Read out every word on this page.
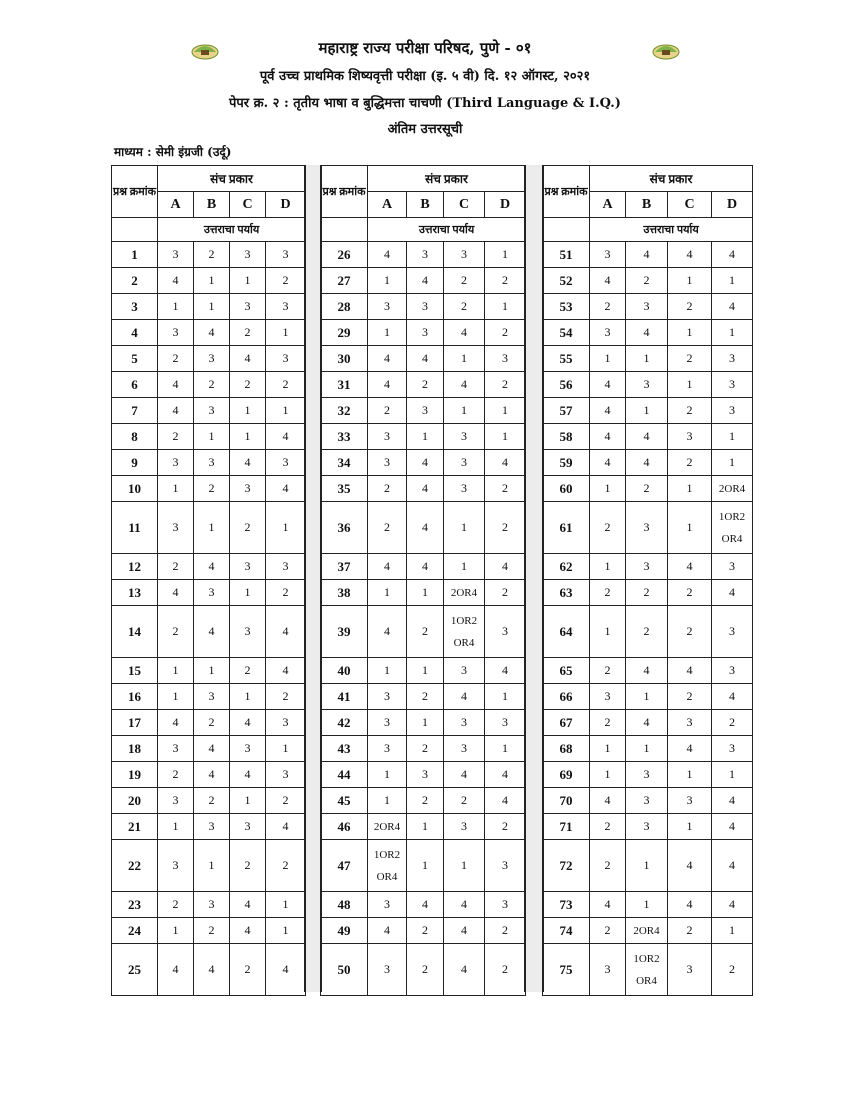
महाराष्ट्र राज्य परीक्षा परिषद, पुणे - ०१
पूर्व उच्च प्राथमिक शिष्यवृत्ती परीक्षा (इ. ५ वी) दि. १२ ऑगस्ट, २०२१
पेपर क्र. २ : तृतीय भाषा व बुद्धिमत्ता चाचणी (Third Language & I.Q.)
अंतिम उत्तरसूची
माध्यम : सेमी इंग्रजी (उर्दू)
प्रश्न क्रमांक	संच प्रकार			
	A	B	C	D
	उत्तराचा पर्याय			
1	3	2	3	3
2	4	1	1	2
3	1	1	3	3
4	3	4	2	1
5	2	3	4	3
6	4	2	2	2
7	4	3	1	1
8	2	1	1	4
9	3	3	4	3
10	1	2	3	4
11	3	1	2	1
12	2	4	3	3
13	4	3	1	2
14	2	4	3	4
15	1	1	2	4
16	1	3	1	2
17	4	2	4	3
18	3	4	3	1
19	2	4	4	3
20	3	2	1	2
21	1	3	3	4
22	3	1	2	2
23	2	3	4	1
24	1	2	4	1
25	4	4	2	4
प्रश्न क्रमांक	संच प्रकार			
	A	B	C	D
	उत्तराचा पर्याय			
26	4	3	3	1
27	1	4	2	2
28	3	3	2	1
29	1	3	4	2
30	4	4	1	3
31	4	2	4	2
32	2	3	1	1
33	3	1	3	1
34	3	4	3	4
35	2	4	3	2
36	2	4	1	2
37	4	4	1	4
38	1	1	2OR4	2
39	4	2	1OR2 OR4	3
40	1	1	3	4
41	3	2	4	1
42	3	1	3	3
43	3	2	3	1
44	1	3	4	4
45	1	2	2	4
46	2OR4	1	3	2
47	1OR2 OR4	1	1	3
48	3	4	4	3
49	4	2	4	2
50	3	2	4	2
प्रश्न क्रमांक	संच प्रकार			
	A	B	C	D
	उत्तराचा पर्याय			
51	3	4	4	4
52	4	2	1	1
53	2	3	2	4
54	3	4	1	1
55	1	1	2	3
56	4	3	1	3
57	4	1	2	3
58	4	4	3	1
59	4	4	2	1
60	1	2	1	2OR4
61	2	3	1	1OR2 OR4
62	1	3	4	3
63	2	2	2	4
64	1	2	2	3
65	2	4	4	3
66	3	1	2	4
67	2	4	3	2
68	1	1	4	3
69	1	3	1	1
70	4	3	3	4
71	2	3	1	4
72	2	1	4	4
73	4	1	4	4
74	2	2OR4	2	1
75	3	1OR2 OR4	3	2
